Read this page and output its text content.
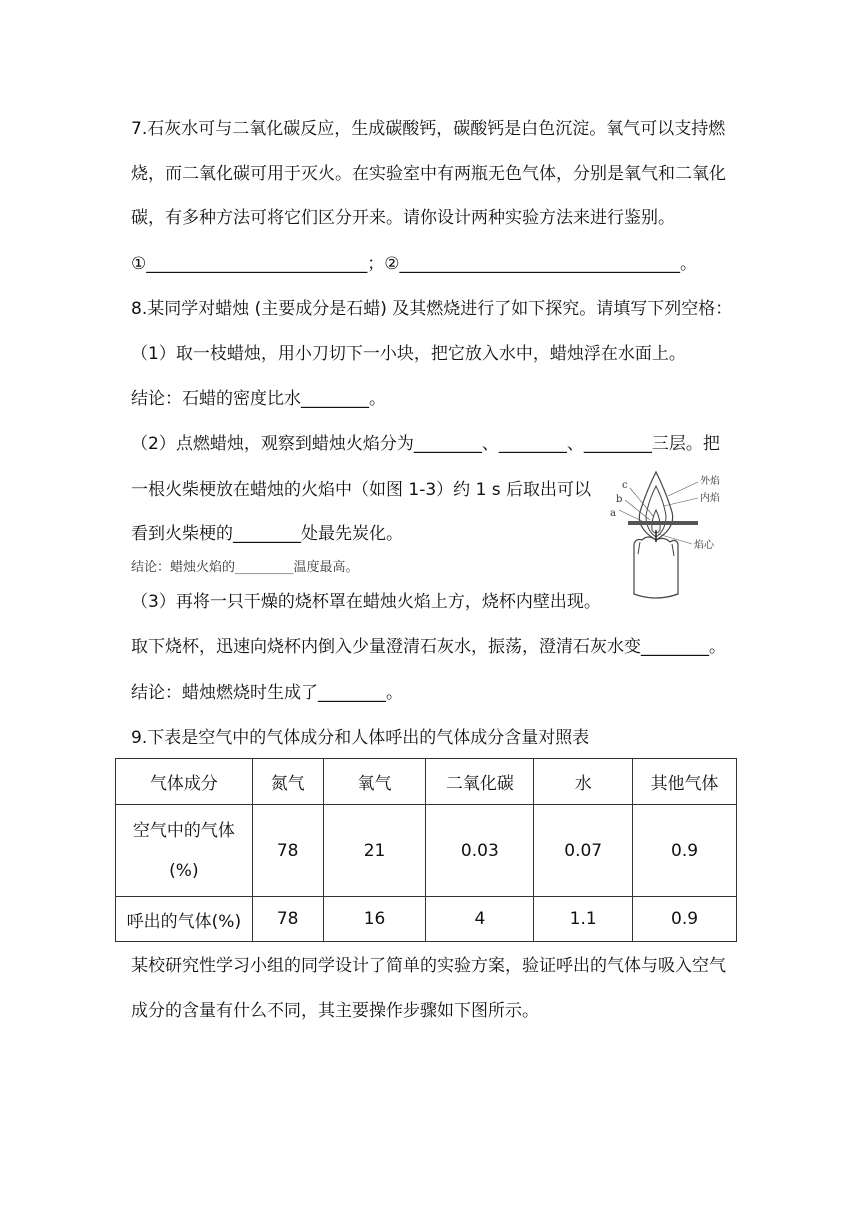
7.石灰水可与二氧化碳反应，生成碳酸钙，碳酸钙是白色沉淀。氧气可以支持燃
烧，而二氧化碳可用于灭火。在实验室中有两瓶无色气体，分别是氧气和二氧化
碳，有多种方法可将它们区分开来。请你设计两种实验方法来进行鉴别。
①__________________________；②_________________________________。
8.某同学对蜡烛 (主要成分是石蜡) 及其燃烧进行了如下探究。请填写下列空格：
（1）取一枝蜡烛，用小刀切下一小块，把它放入水中，蜡烛浮在水面上。
结论：石蜡的密度比水________。
（2）点燃蜡烛，观察到蜡烛火焰分为________、________、________三层。把
一根火柴梗放在蜡烛的火焰中（如图 1-3）约 1 s 后取出可以
看到火柴梗的________处最先炭化。
结论：蜡烛火焰的_________温度最高。
（3）再将一只干燥的烧杯罩在蜡烛火焰上方，烧杯内壁出现。
取下烧杯，迅速向烧杯内倒入少量澄清石灰水，振荡，澄清石灰水变________。
结论：蜡烛燃烧时生成了________。
a
b
c	外焰
内焰
焰心
9.下表是空气中的气体成分和人体呼出的气体成分含量对照表
气体成分	氮气	氧气	二氧化碳	水	其他气体

空气中的气体
(%)	78	21	0.03	0.07	0.9
呼出的气体(%)	78	16	4	1.1	0.9
某校研究性学习小组的同学设计了简单的实验方案，验证呼出的气体与吸入空气
成分的含量有什么不同，其主要操作步骤如下图所示。
